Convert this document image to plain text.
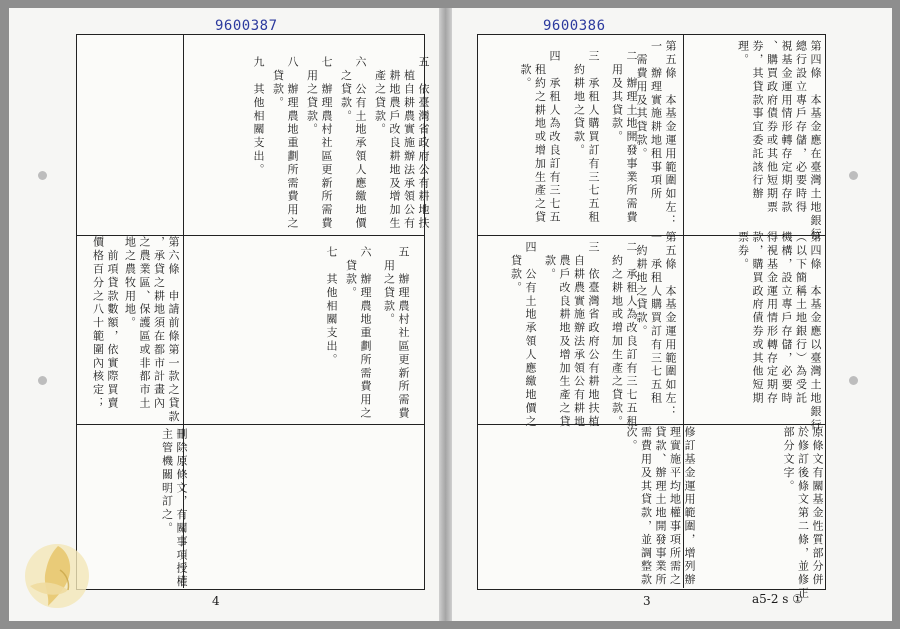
9600387	9600386
五　依臺灣省政府公有耕地扶
　植自耕農實施辦法承領公有
　耕地農戶改良耕地及增加生
　產之貸款。
六　公有土地承領人應繳地價
　之貸款。
七　辦理農村社區更新所需費
　用之貸款。
八　辦理農地重劃所需費用之
　貸款。
九　其他相關支出。
五　辦理農村社區更新所需費
　用之貸款。
六　辦理農地重劃所需費用之
　貸款。
七　其他相關支出。
第六條　申請前條第一款之貸款
，承貸之耕地須在都市計畫內
之農業區、保護區或非都市土
地之農牧用地。
　前項貸款數額，依實際買賣
價格百分之八十範圍內核定；
刪除原條文，有關事項授權
主管機關明訂之。
第四條　本基金應在臺灣土地銀行
總行設立專戶存儲，必要時得
視基金運用情形轉存定期存款
、購買政府債券或其他短期票
券，其貸款事宜委託該行辦
理。
第五條　本基金運用範圍如左：
一　辦理實施耕地租事項所
　需費用及其貸款。
二　辦理土地開發事業所需費
　用及其貸款。
三　承租人購買訂有三七五租
　約耕地之貸款。
四　承租人為改良訂有三七五
　租約之耕地或增加生產之貸
　款。
第四條　本基金應以臺灣土地銀行
（以下簡稱土地銀行）為受託
機構，設立專戶存儲，必要時
得視基金運用情形轉存定期存
款，購買政府債券或其他短期
票券。
第五條　本基金運用範圍如左：
一　承租人購買訂有三七五租
　約耕地之貸款。
二　承租人為改良訂有三七五租
　約之耕地或增加生產之貸款。
三　依臺灣省政府公有耕地扶植
　自耕農實施辦法承領公有耕地
　農戶改良耕地及增加生產之貸
　款。
四　公有土地承領人應繳地價之
　貸款。
原條文有關基金性質部分併
於修訂後條文第二條，並修正
部分文字。
修訂基金運用範圍，增列辦
理實施平均地權事項所需之
貸款、辦理土地開發事業所
需費用及其貸款，並調整款
次。
4	3	a5-2 s ①
